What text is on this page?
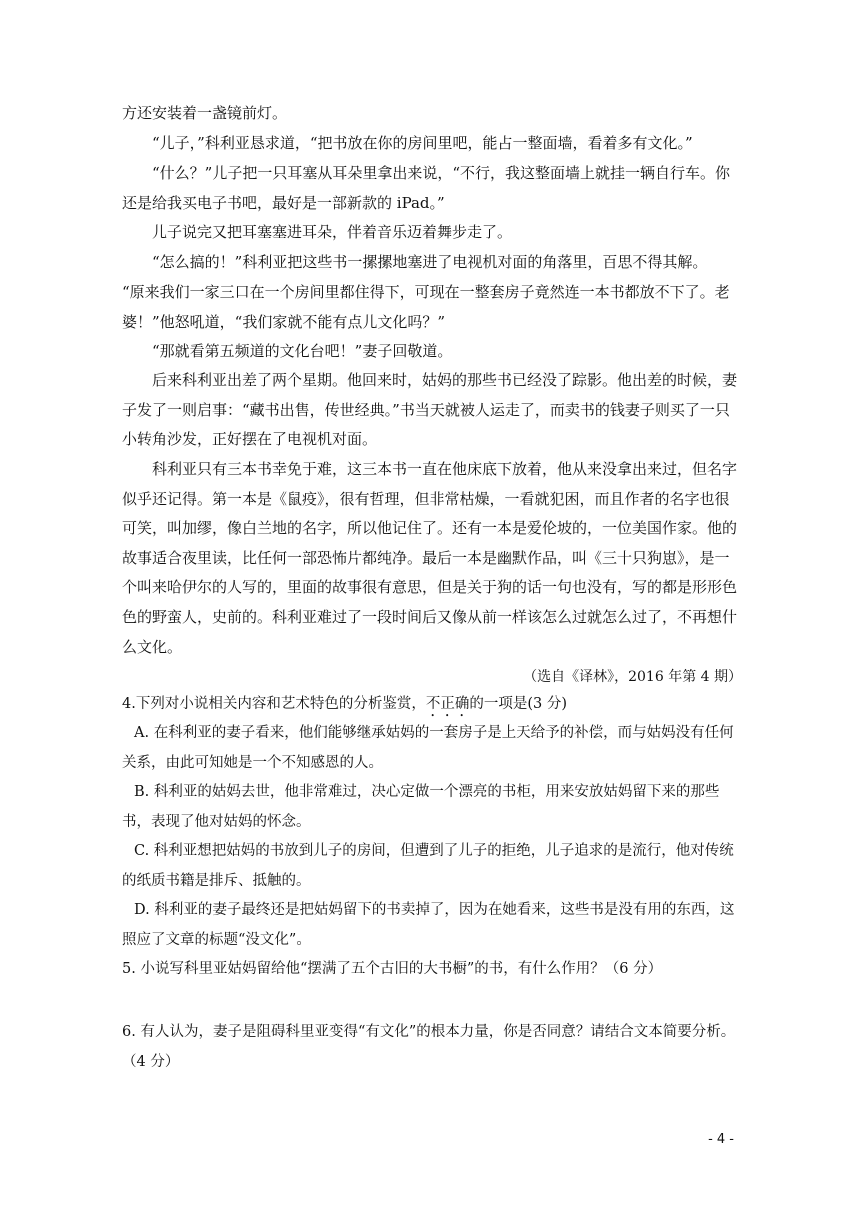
方还安装着一盏镜前灯。

“儿子，”科利亚恳求道，“把书放在你的房间里吧，能占一整面墙，看着多有文化。”

“什么？”儿子把一只耳塞从耳朵里拿出来说，“不行，我这整面墙上就挂一辆自行车。你还是给我买电子书吧，最好是一部新款的 iPad。”

儿子说完又把耳塞塞进耳朵，伴着音乐迈着舞步走了。

“怎么搞的！”科利亚把这些书一摞摞地塞进了电视机对面的角落里，百思不得其解。

“原来我们一家三口在一个房间里都住得下，可现在一整套房子竟然连一本书都放不下了。老婆！”他怒吼道，“我们家就不能有点儿文化吗？”

“那就看第五频道的文化台吧！”妻子回敬道。

后来科利亚出差了两个星期。他回来时，姑妈的那些书已经没了踪影。他出差的时候，妻子发了一则启事：“藏书出售，传世经典。”书当天就被人运走了，而卖书的钱妻子则买了一只小转角沙发，正好摆在了电视机对面。

科利亚只有三本书幸免于难，这三本书一直在他床底下放着，他从来没拿出来过，但名字似乎还记得。第一本是《鼠疫》，很有哲理，但非常枯燥，一看就犯困，而且作者的名字也很可笑，叫加缪，像白兰地的名字，所以他记住了。还有一本是爱伦坡的，一位美国作家。他的故事适合夜里读，比任何一部恐怖片都纯净。最后一本是幽默作品，叫《三十只狗崽》，是一个叫来哈伊尔的人写的，里面的故事很有意思，但是关于狗的话一句也没有，写的都是形形色色的野蛮人，史前的。科利亚难过了一段时间后又像从前一样该怎么过就怎么过了，不再想什么文化。

（选自《译林》，2016 年第 4 期）
4.下列对小说相关内容和艺术特色的分析鉴赏，不正确的一项是(3 分)
A. 在科利亚的妻子看来，他们能够继承姑妈的一套房子是上天给予的补偿，而与姑妈没有任何关系，由此可知她是一个不知感恩的人。
B. 科利亚的姑妈去世，他非常难过，决心定做一个漂亮的书柜，用来安放姑妈留下来的那些书，表现了他对姑妈的怀念。
C. 科利亚想把姑妈的书放到儿子的房间，但遭到了儿子的拒绝，儿子追求的是流行，他对传统的纸质书籍是排斥、抵触的。
D. 科利亚的妻子最终还是把姑妈留下的书卖掉了，因为在她看来，这些书是没有用的东西，这照应了文章的标题“没文化”。
5. 小说写科里亚姑妈留给他“摆满了五个古旧的大书橱”的书，有什么作用？（6 分）
6. 有人认为，妻子是阻碍科里亚变得“有文化”的根本力量，你是否同意？请结合文本简要分析。（4 分）
- 4 -
